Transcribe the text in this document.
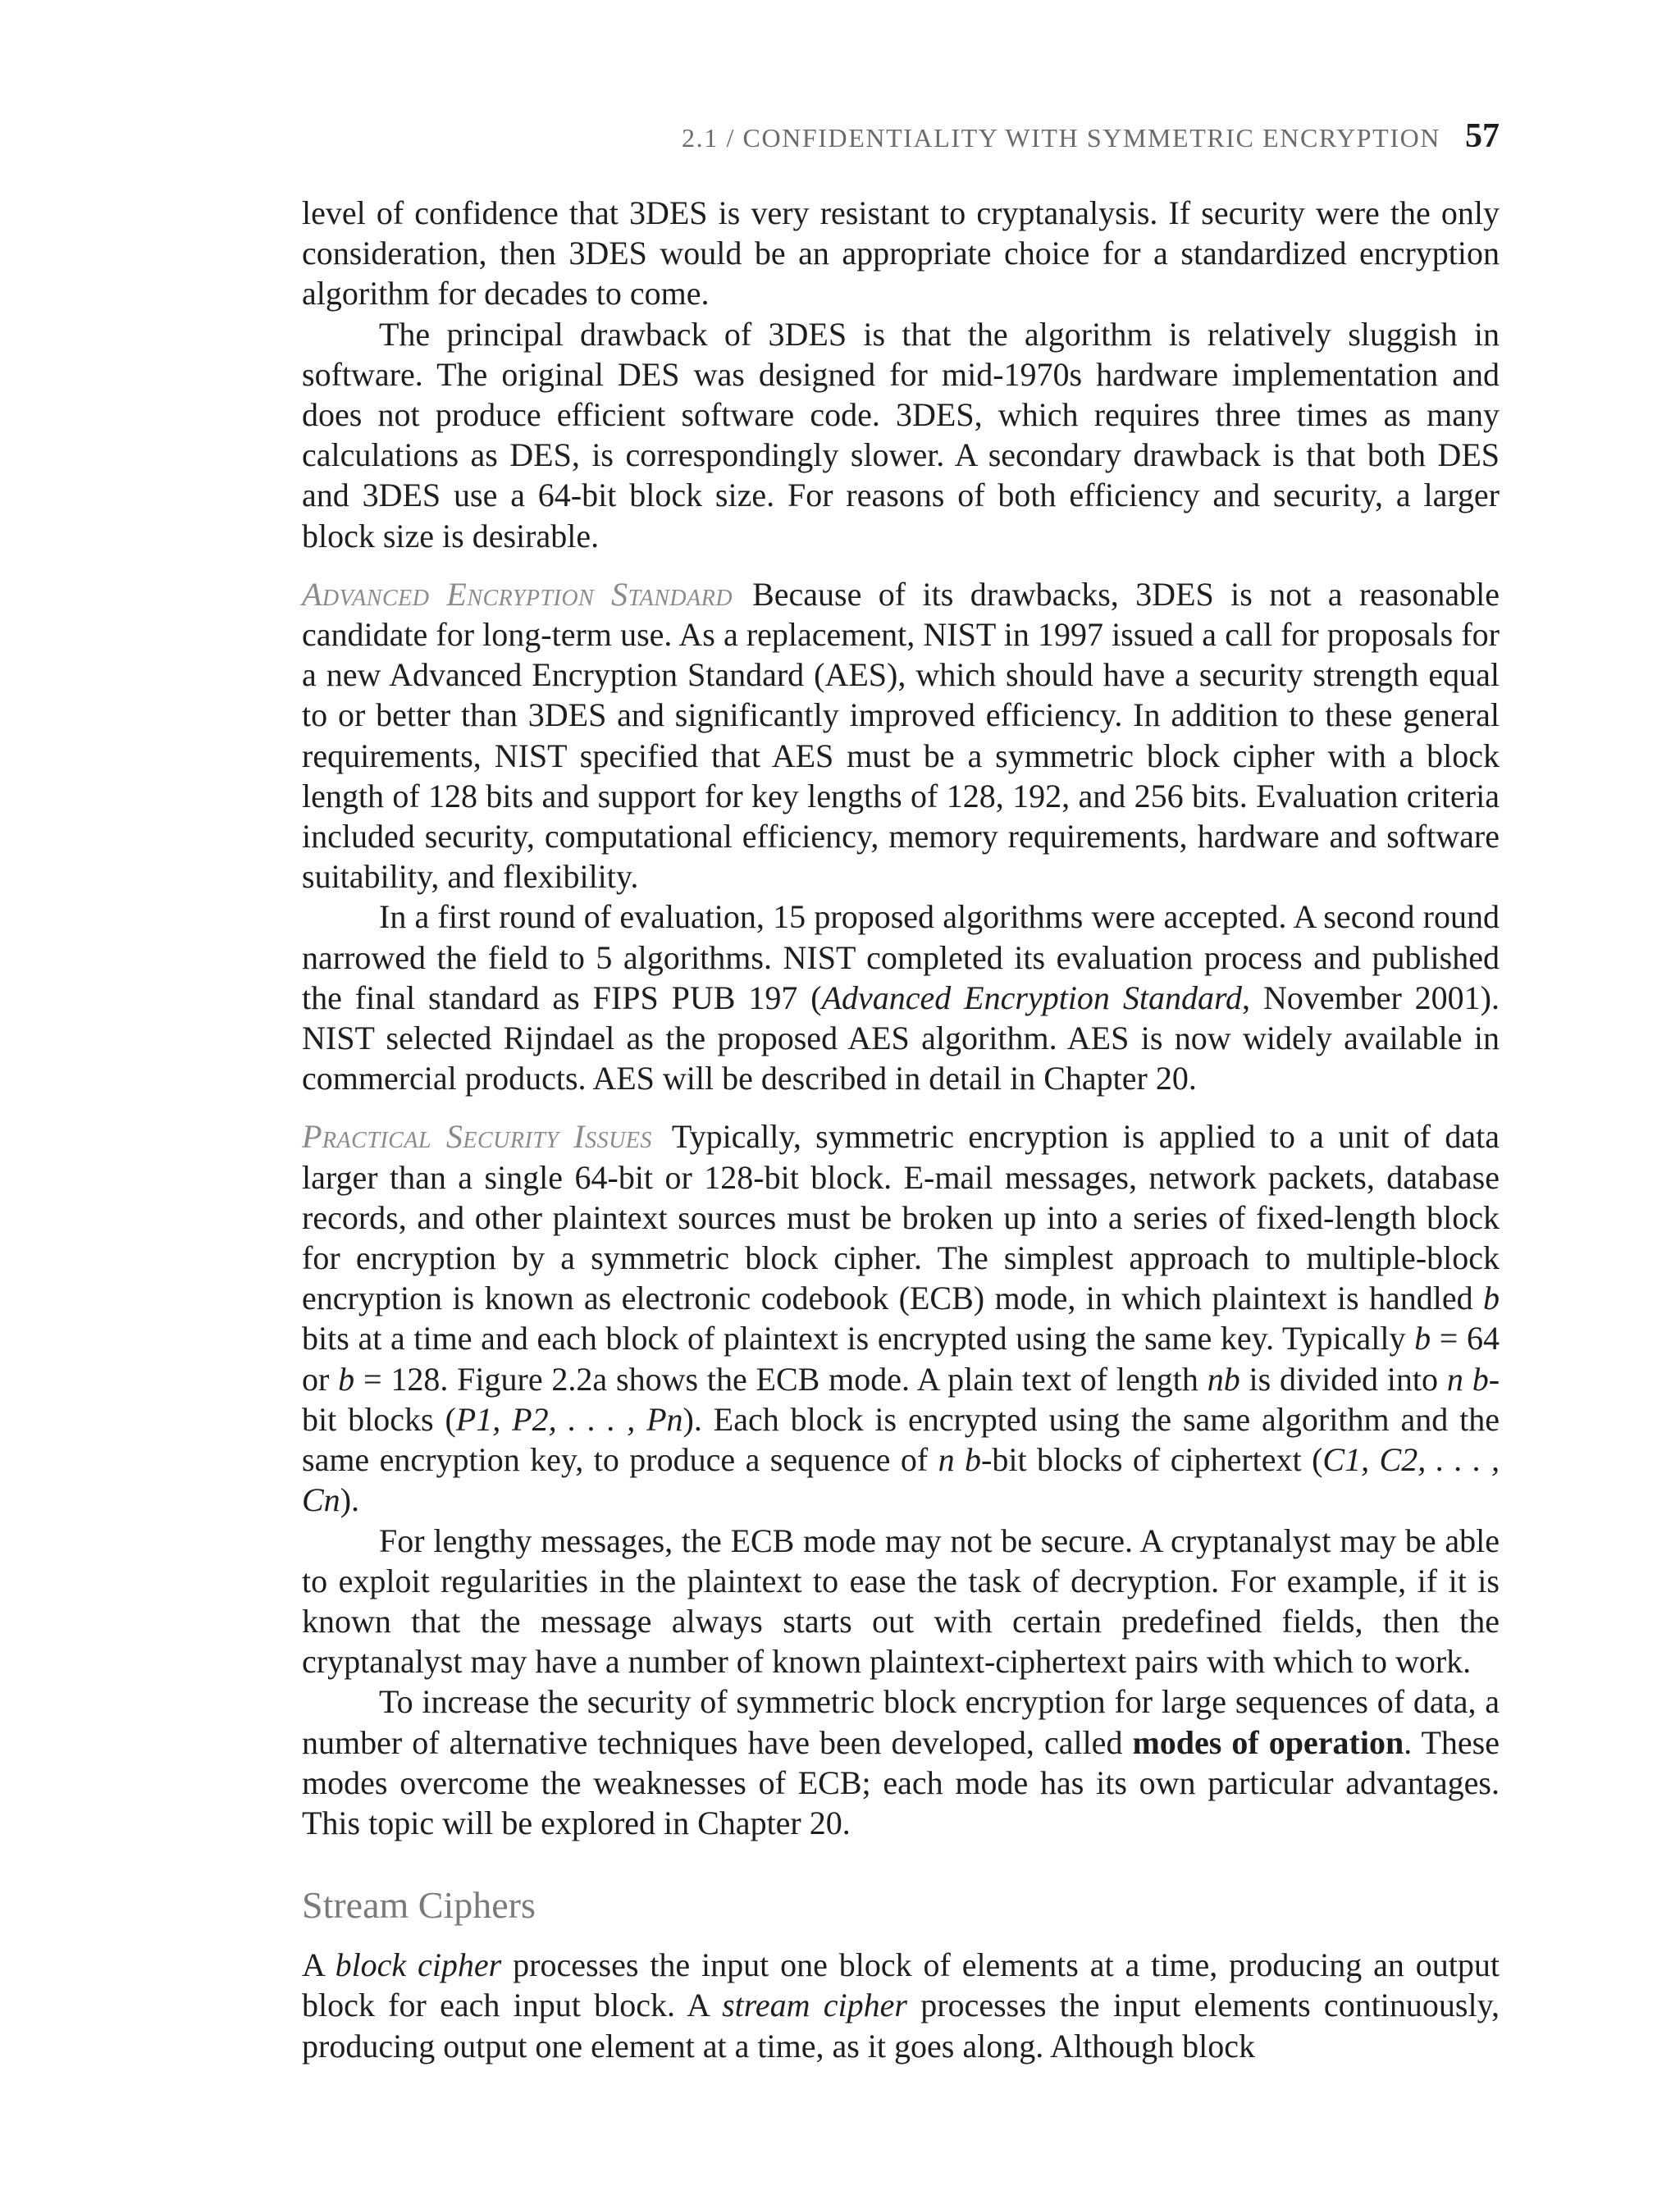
2.1 / CONFIDENTIALITY WITH SYMMETRIC ENCRYPTION 57

level of confidence that 3DES is very resistant to cryptanalysis. If security were the only consideration, then 3DES would be an appropriate choice for a standardized encryption algorithm for decades to come.

The principal drawback of 3DES is that the algorithm is relatively sluggish in software. The original DES was designed for mid-1970s hardware implementation and does not produce efficient software code. 3DES, which requires three times as many calculations as DES, is correspondingly slower. A secondary drawback is that both DES and 3DES use a 64-bit block size. For reasons of both efficiency and security, a larger block size is desirable.

Advanced Encryption Standard Because of its drawbacks, 3DES is not a reasonable candidate for long-term use. As a replacement, NIST in 1997 issued a call for proposals for a new Advanced Encryption Standard (AES), which should have a security strength equal to or better than 3DES and significantly improved efficiency. In addition to these general requirements, NIST specified that AES must be a symmetric block cipher with a block length of 128 bits and support for key lengths of 128, 192, and 256 bits. Evaluation criteria included security, computational efficiency, memory requirements, hardware and software suitability, and flexibility.

In a first round of evaluation, 15 proposed algorithms were accepted. A second round narrowed the field to 5 algorithms. NIST completed its evaluation process and published the final standard as FIPS PUB 197 (Advanced Encryption Standard, November 2001). NIST selected Rijndael as the proposed AES algorithm. AES is now widely available in commercial products. AES will be described in detail in Chapter 20.

Practical Security Issues Typically, symmetric encryption is applied to a unit of data larger than a single 64-bit or 128-bit block. E-mail messages, network packets, database records, and other plaintext sources must be broken up into a series of fixed-length block for encryption by a symmetric block cipher. The simplest approach to multiple-block encryption is known as electronic codebook (ECB) mode, in which plaintext is handled b bits at a time and each block of plaintext is encrypted using the same key. Typically b = 64 or b = 128. Figure 2.2a shows the ECB mode. A plain text of length nb is divided into n b-bit blocks (P1, P2, . . . , Pn). Each block is encrypted using the same algorithm and the same encryption key, to produce a sequence of n b-bit blocks of ciphertext (C1, C2, . . . , Cn).

For lengthy messages, the ECB mode may not be secure. A cryptanalyst may be able to exploit regularities in the plaintext to ease the task of decryption. For example, if it is known that the message always starts out with certain predefined fields, then the cryptanalyst may have a number of known plaintext-ciphertext pairs with which to work.

To increase the security of symmetric block encryption for large sequences of data, a number of alternative techniques have been developed, called modes of operation. These modes overcome the weaknesses of ECB; each mode has its own particular advantages. This topic will be explored in Chapter 20.

Stream Ciphers

A block cipher processes the input one block of elements at a time, producing an output block for each input block. A stream cipher processes the input elements continuously, producing output one element at a time, as it goes along. Although block
